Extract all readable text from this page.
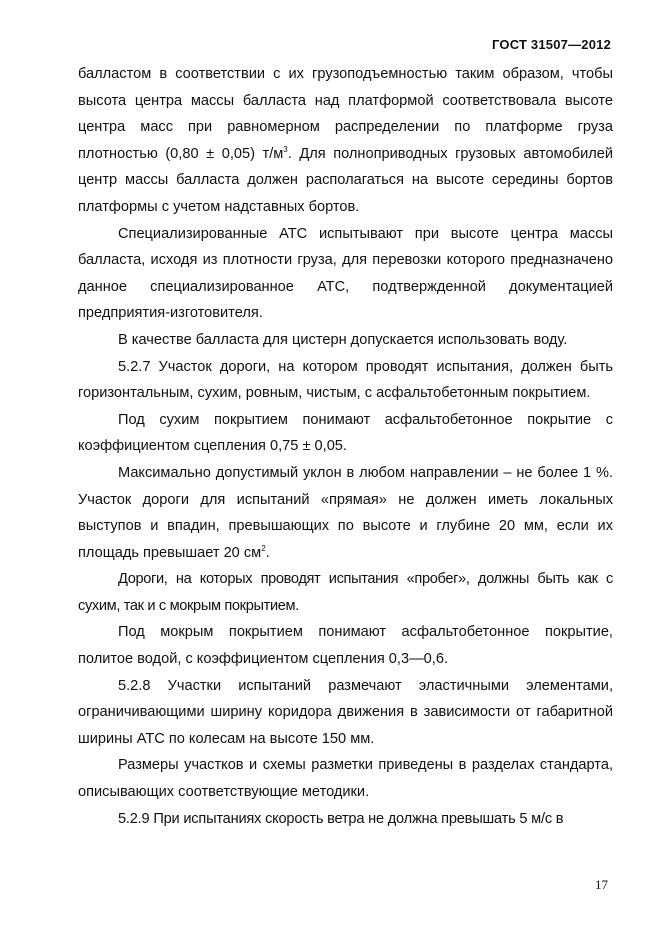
ГОСТ 31507—2012

балластом в соответствии с их грузоподъемностью таким образом, чтобы высота центра массы балласта над платформой соответствовала высоте центра масс при равномерном распределении по платформе груза плотностью (0,80 ± 0,05) $т/м^3$. Для полноприводных грузовых автомобилей центр массы балласта должен располагаться на высоте середины бортов платформы с учетом надставных бортов.

Специализированные АТС испытывают при высоте центра массы балласта, исходя из плотности груза, для перевозки которого предназначено данное специализированное АТС, подтвержденной документацией предприятия-изготовителя.

В качестве балласта для цистерн допускается использовать воду.

5.2.7 Участок дороги, на котором проводят испытания, должен быть горизонтальным, сухим, ровным, чистым, с асфальтобетонным покрытием.

Под сухим покрытием понимают асфальтобетонное покрытие с коэффициентом сцепления 0,75 ± 0,05.

Максимально допустимый уклон в любом направлении – не более 1 %. Участок дороги для испытаний «прямая» не должен иметь локальных выступов и впадин, превышающих по высоте и глубине 20 мм, если их площадь превышает 20 $см^2$.

Дороги, на которых проводят испытания «пробег», должны быть как с сухим, так и с мокрым покрытием.

Под мокрым покрытием понимают асфальтобетонное покрытие, политое водой, с коэффициентом сцепления 0,3—0,6.

5.2.8 Участки испытаний размечают эластичными элементами, ограничивающими ширину коридора движения в зависимости от габаритной ширины АТС по колесам на высоте 150 мм.

Размеры участков и схемы разметки приведены в разделах стандарта, описывающих соответствующие методики.

5.2.9 При испытаниях скорость ветра не должна превышать 5 м/с в

17
